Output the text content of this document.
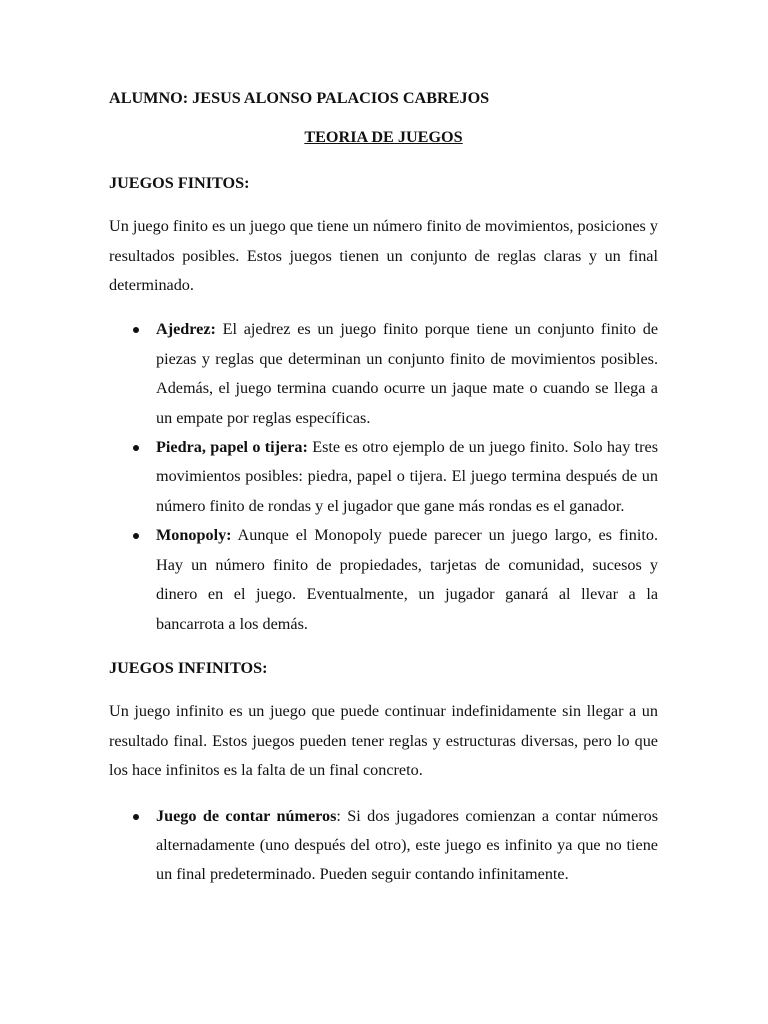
ALUMNO: JESUS ALONSO PALACIOS CABREJOS

TEORIA DE JUEGOS

JUEGOS FINITOS:

Un juego finito es un juego que tiene un número finito de movimientos, posiciones y resultados posibles. Estos juegos tienen un conjunto de reglas claras y un final determinado.

Ajedrez: El ajedrez es un juego finito porque tiene un conjunto finito de piezas y reglas que determinan un conjunto finito de movimientos posibles. Además, el juego termina cuando ocurre un jaque mate o cuando se llega a un empate por reglas específicas.
Piedra, papel o tijera: Este es otro ejemplo de un juego finito. Solo hay tres movimientos posibles: piedra, papel o tijera. El juego termina después de un número finito de rondas y el jugador que gane más rondas es el ganador.
Monopoly: Aunque el Monopoly puede parecer un juego largo, es finito. Hay un número finito de propiedades, tarjetas de comunidad, sucesos y dinero en el juego. Eventualmente, un jugador ganará al llevar a la bancarrota a los demás.

JUEGOS INFINITOS:

Un juego infinito es un juego que puede continuar indefinidamente sin llegar a un resultado final. Estos juegos pueden tener reglas y estructuras diversas, pero lo que los hace infinitos es la falta de un final concreto.

Juego de contar números: Si dos jugadores comienzan a contar números alternadamente (uno después del otro), este juego es infinito ya que no tiene un final predeterminado. Pueden seguir contando infinitamente.
